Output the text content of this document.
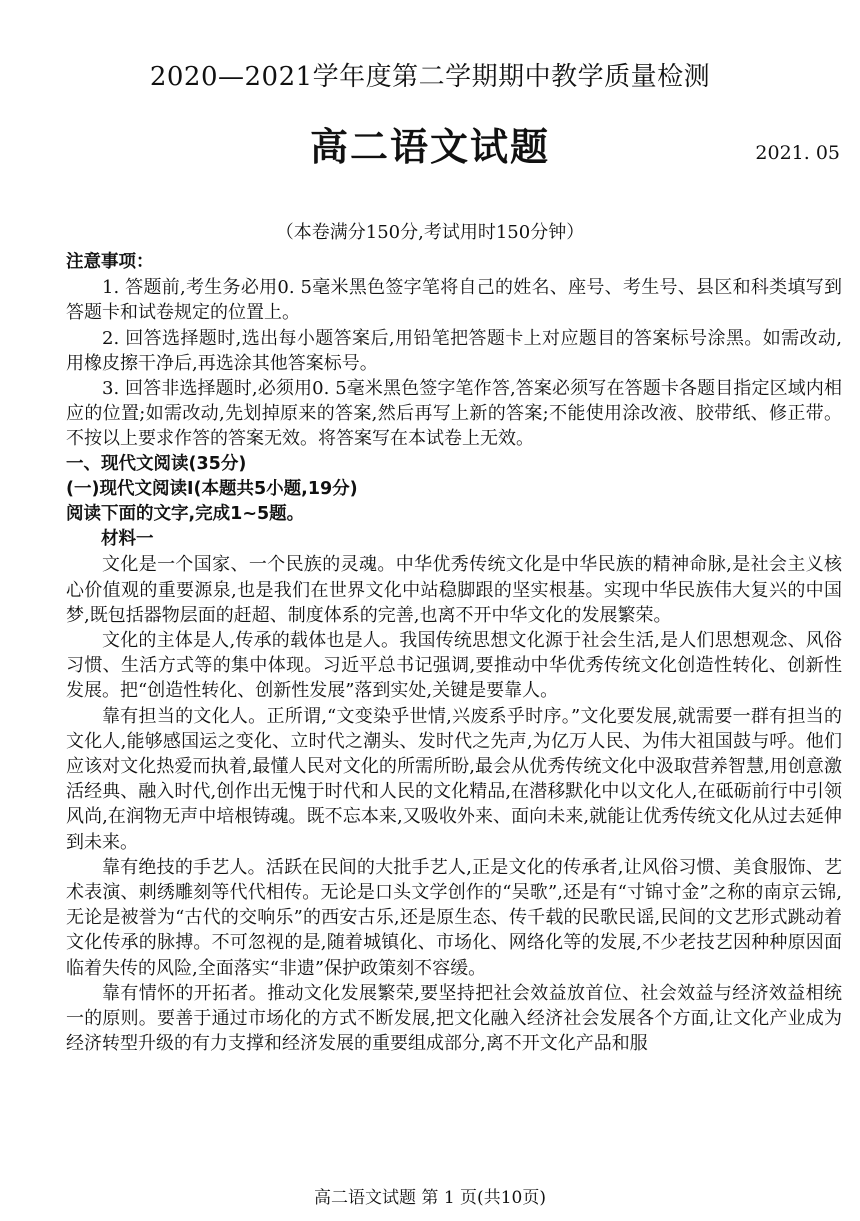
2020—2021学年度第二学期期中教学质量检测
高二语文试题	2021. 05
（本卷满分150分,考试用时150分钟）

注意事项：

1. 答题前,考生务必用0. 5毫米黑色签字笔将自己的姓名、座号、考生号、县区和科类填写到答题卡和试卷规定的位置上。

2. 回答选择题时,选出每小题答案后,用铅笔把答题卡上对应题目的答案标号涂黑。如需改动,用橡皮擦干净后,再选涂其他答案标号。

3. 回答非选择题时,必须用0. 5毫米黑色签字笔作答,答案必须写在答题卡各题目指定区域内相应的位置;如需改动,先划掉原来的答案,然后再写上新的答案;不能使用涂改液、胶带纸、修正带。不按以上要求作答的答案无效。将答案写在本试卷上无效。

一、现代文阅读(35分)

(一)现代文阅读Ⅰ(本题共5小题,19分)

阅读下面的文字,完成1~5题。

材料一

文化是一个国家、一个民族的灵魂。中华优秀传统文化是中华民族的精神命脉,是社会主义核心价值观的重要源泉,也是我们在世界文化中站稳脚跟的坚实根基。实现中华民族伟大复兴的中国梦,既包括器物层面的赶超、制度体系的完善,也离不开中华文化的发展繁荣。

文化的主体是人,传承的载体也是人。我国传统思想文化源于社会生活,是人们思想观念、风俗习惯、生活方式等的集中体现。习近平总书记强调,要推动中华优秀传统文化创造性转化、创新性发展。把“创造性转化、创新性发展”落到实处,关键是要靠人。

靠有担当的文化人。正所谓,“文变染乎世情,兴废系乎时序。”文化要发展,就需要一群有担当的文化人,能够感国运之变化、立时代之潮头、发时代之先声,为亿万人民、为伟大祖国鼓与呼。他们应该对文化热爱而执着,最懂人民对文化的所需所盼,最会从优秀传统文化中汲取营养智慧,用创意激活经典、融入时代,创作出无愧于时代和人民的文化精品,在潜移默化中以文化人,在砥砺前行中引领风尚,在润物无声中培根铸魂。既不忘本来,又吸收外来、面向未来,就能让优秀传统文化从过去延伸到未来。

靠有绝技的手艺人。活跃在民间的大批手艺人,正是文化的传承者,让风俗习惯、美食服饰、艺术表演、刺绣雕刻等代代相传。无论是口头文学创作的“吴歌”,还是有“寸锦寸金”之称的南京云锦,无论是被誉为“古代的交响乐”的西安古乐,还是原生态、传千载的民歌民谣,民间的文艺形式跳动着文化传承的脉搏。不可忽视的是,随着城镇化、市场化、网络化等的发展,不少老技艺因种种原因面临着失传的风险,全面落实“非遗”保护政策刻不容缓。

靠有情怀的开拓者。推动文化发展繁荣,要坚持把社会效益放首位、社会效益与经济效益相统一的原则。要善于通过市场化的方式不断发展,把文化融入经济社会发展各个方面,让文化产业成为经济转型升级的有力支撑和经济发展的重要组成部分,离不开文化产品和服

高二语文试题 第 1 页(共10页)
